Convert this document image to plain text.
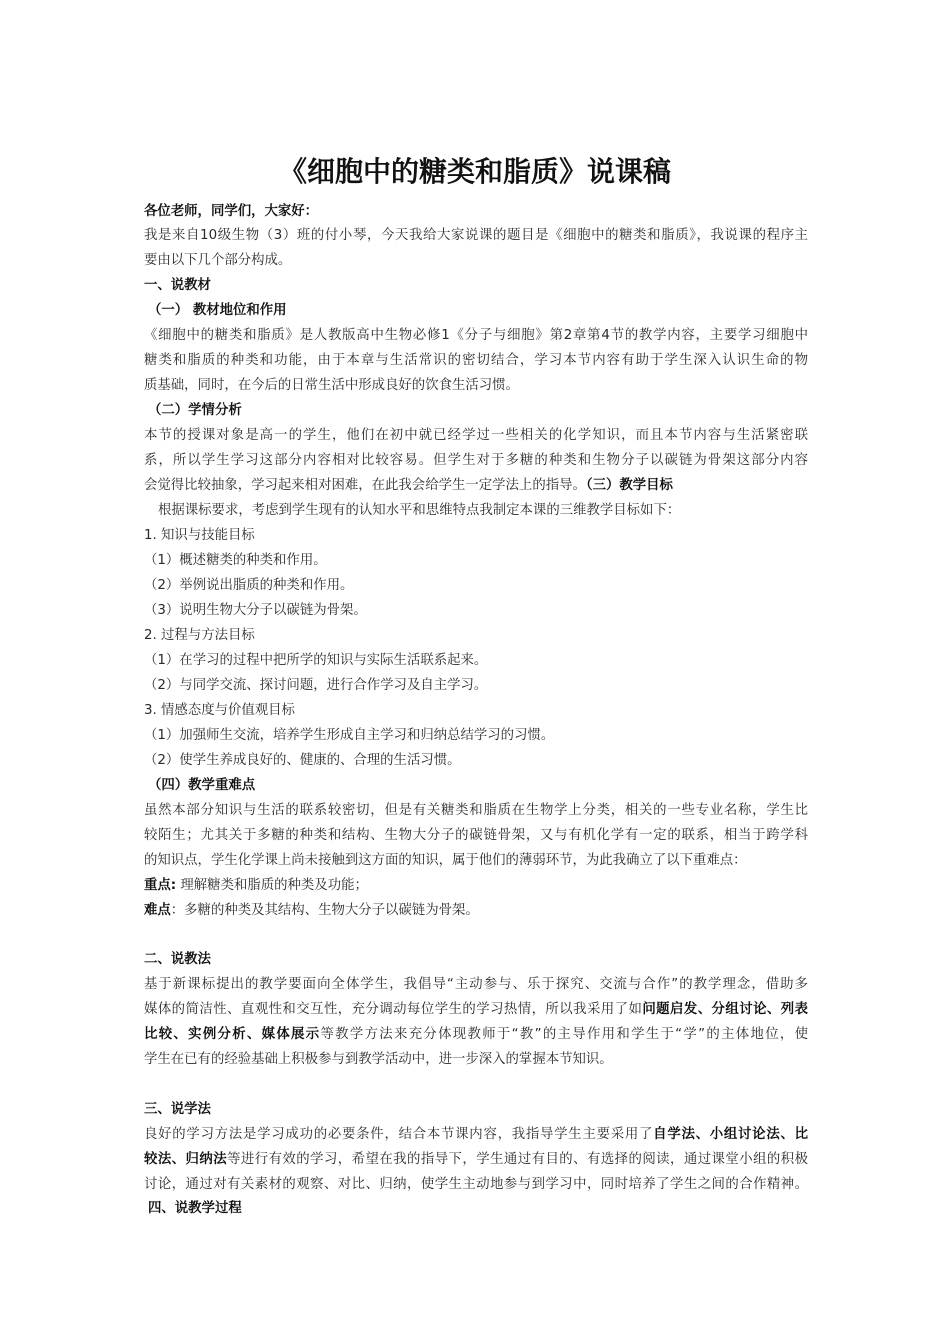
《细胞中的糖类和脂质》说课稿
各位老师，同学们，大家好：
我是来自10级生物（3）班的付小琴，今天我给大家说课的题目是《细胞中的糖类和脂质》，我说课的程序主
要由以下几个部分构成。
一、说教材
（一） 教材地位和作用
《细胞中的糖类和脂质》是人教版高中生物必修1《分子与细胞》第2章第4节的教学内容，主要学习细胞中
糖类和脂质的种类和功能，由于本章与生活常识的密切结合，学习本节内容有助于学生深入认识生命的物
质基础，同时，在今后的日常生活中形成良好的饮食生活习惯。
（二）学情分析
本节的授课对象是高一的学生，他们在初中就已经学过一些相关的化学知识，而且本节内容与生活紧密联
系，所以学生学习这部分内容相对比较容易。但学生对于多糖的种类和生物分子以碳链为骨架这部分内容
会觉得比较抽象，学习起来相对困难，在此我会给学生一定学法上的指导。（三）教学目标
根据课标要求，考虑到学生现有的认知水平和思维特点我制定本课的三维教学目标如下：
1. 知识与技能目标
（1）概述糖类的种类和作用。
（2）举例说出脂质的种类和作用。
（3）说明生物大分子以碳链为骨架。
2. 过程与方法目标
（1）在学习的过程中把所学的知识与实际生活联系起来。
（2）与同学交流、探讨问题，进行合作学习及自主学习。
3. 情感态度与价值观目标
（1）加强师生交流，培养学生形成自主学习和归纳总结学习的习惯。
（2）使学生养成良好的、健康的、合理的生活习惯。
（四）教学重难点
虽然本部分知识与生活的联系较密切，但是有关糖类和脂质在生物学上分类，相关的一些专业名称，学生比
较陌生；尤其关于多糖的种类和结构、生物大分子的碳链骨架，又与有机化学有一定的联系，相当于跨学科
的知识点，学生化学课上尚未接触到这方面的知识，属于他们的薄弱环节，为此我确立了以下重难点：
重点: 理解糖类和脂质的种类及功能；
难点：多糖的种类及其结构、生物大分子以碳链为骨架。
二、说教法
基于新课标提出的教学要面向全体学生，我倡导“主动参与、乐于探究、交流与合作”的教学理念，借助多
媒体的简洁性、直观性和交互性，充分调动每位学生的学习热情，所以我采用了如问题启发、分组讨论、列表
比较、实例分析、媒体展示等教学方法来充分体现教师于“教”的主导作用和学生于“学”的主体地位，使
学生在已有的经验基础上积极参与到教学活动中，进一步深入的掌握本节知识。
三、说学法
良好的学习方法是学习成功的必要条件，结合本节课内容，我指导学生主要采用了自学法、小组讨论法、比
较法、归纳法等进行有效的学习，希望在我的指导下，学生通过有目的、有选择的阅读，通过课堂小组的积极
讨论，通过对有关素材的观察、对比、归纳，使学生主动地参与到学习中，同时培养了学生之间的合作精神。
四、说教学过程
